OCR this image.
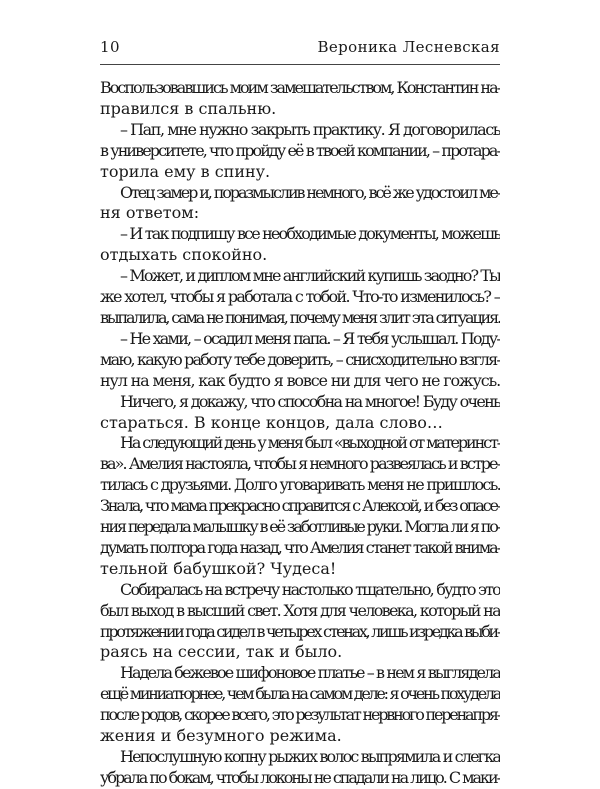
10	Вероника Лесневская

Воспользовавшись моим замешательством, Константин на-

правился в спальню.

– Пап, мне нужно закрыть практику. Я договорилась

в университете, что пройду её в твоей компании, – протара-

торила ему в спину.

Отец замер и, поразмыслив немного, всё же удостоил ме-

ня ответом:

– И так подпишу все необходимые документы, можешь

отдыхать спокойно.

– Может, и диплом мне английский купишь заодно? Ты

же хотел, чтобы я работала с тобой. Что-то изменилось? –

выпалила, сама не понимая, почему меня злит эта ситуация.

– Не хами, – осадил меня папа. – Я тебя услышал. Поду-

маю, какую работу тебе доверить, – снисходительно взгля-

нул на меня, как будто я вовсе ни для чего не гожусь.

Ничего, я докажу, что способна на многое! Буду очень

стараться. В конце концов, дала слово…

На следующий день у меня был «выходной от материнст-

ва». Амелия настояла, чтобы я немного развеялась и встре-

тилась с друзьями. Долго уговаривать меня не пришлось.

Знала, что мама прекрасно справится с Алексой, и без опасе-

ния передала малышку в её заботливые руки. Могла ли я по-

думать полтора года назад, что Амелия станет такой внима-

тельной бабушкой? Чудеса!

Собиралась на встречу настолько тщательно, будто это

был выход в высший свет. Хотя для человека, который на

протяжении года сидел в четырех стенах, лишь изредка выби-

раясь на сессии, так и было.

Надела бежевое шифоновое платье – в нем я выглядела

ещё миниатюрнее, чем была на самом деле: я очень похудела

после родов, скорее всего, это результат нервного перенапря-

жения и безумного режима.

Непослушную копну рыжих волос выпрямила и слегка

убрала по бокам, чтобы локоны не спадали на лицо. С маки-
